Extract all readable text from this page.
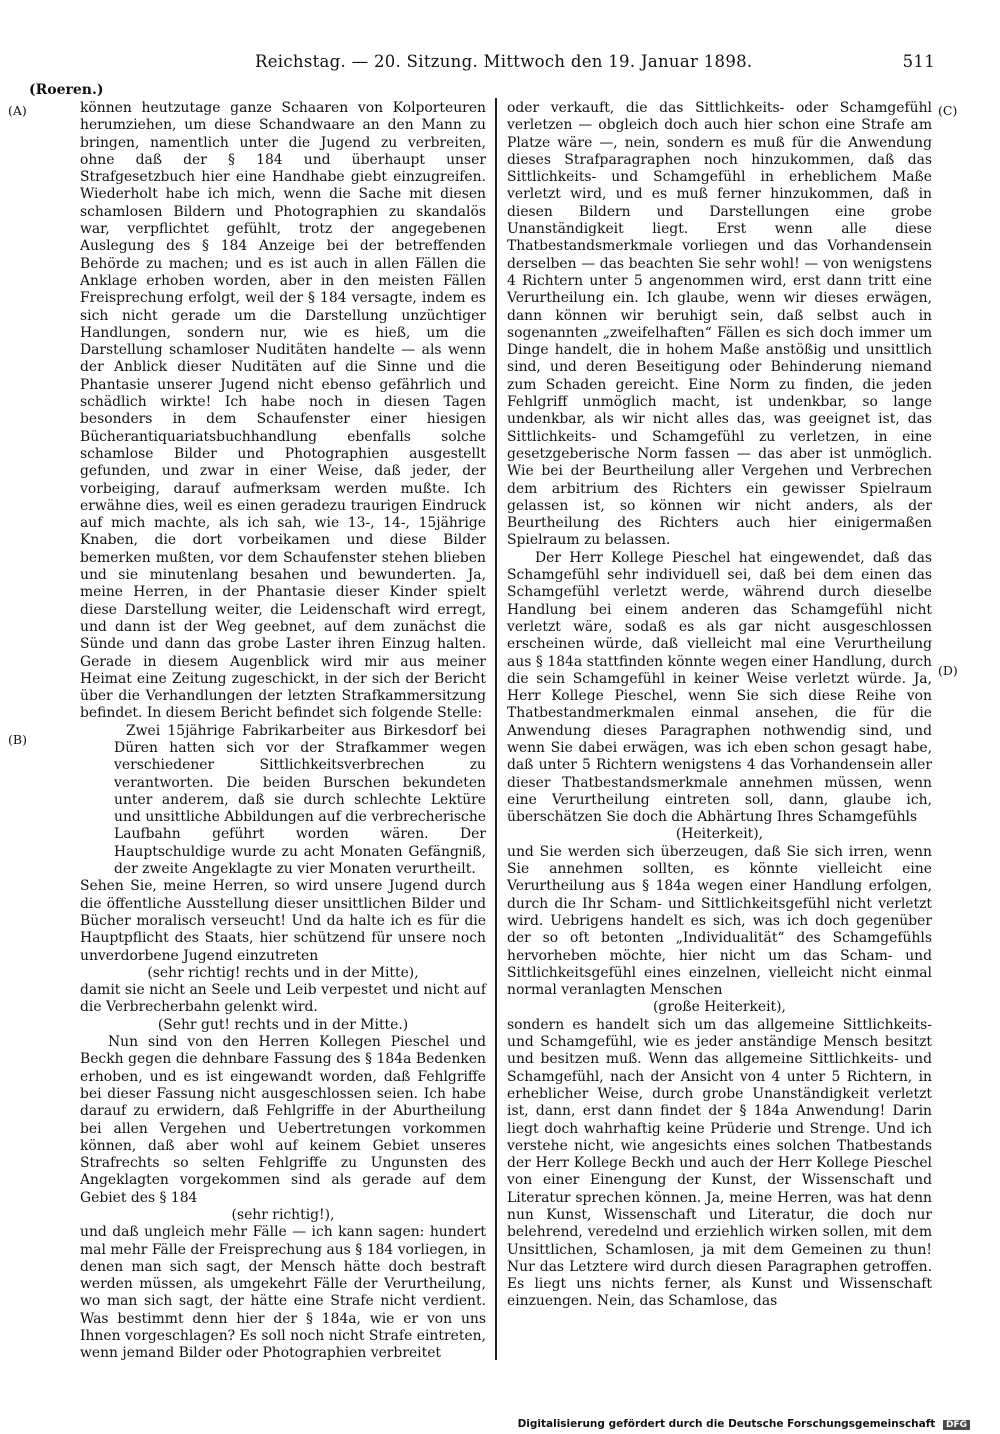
Reichstag. — 20. Sitzung. Mittwoch den 19. Januar 1898.	511
(Roeren.)
(A)
(B)
(C)
(D)

können heutzutage ganze Schaaren von Kolporteuren herumziehen, um diese Schandwaare an den Mann zu bringen, namentlich unter die Jugend zu verbreiten, ohne daß der § 184 und überhaupt unser Strafgesetzbuch hier eine Handhabe giebt einzugreifen. Wiederholt habe ich mich, wenn die Sache mit diesen schamlosen Bildern und Photographien zu skandalös war, verpflichtet gefühlt, trotz der angegebenen Auslegung des § 184 Anzeige bei der betreffenden Behörde zu machen; und es ist auch in allen Fällen die Anklage erhoben worden, aber in den meisten Fällen Freisprechung erfolgt, weil der § 184 versagte, indem es sich nicht gerade um die Darstellung unzüchtiger Handlungen, sondern nur, wie es hieß, um die Darstellung schamloser Nuditäten handelte — als wenn der Anblick dieser Nuditäten auf die Sinne und die Phantasie unserer Jugend nicht ebenso gefährlich und schädlich wirkte! Ich habe noch in diesen Tagen besonders in dem Schaufenster einer hiesigen Bücherantiquariatsbuchhandlung ebenfalls solche schamlose Bilder und Photographien ausgestellt gefunden, und zwar in einer Weise, daß jeder, der vorbeiging, darauf aufmerksam werden mußte. Ich erwähne dies, weil es einen geradezu traurigen Eindruck auf mich machte, als ich sah, wie 13-, 14-, 15jährige Knaben, die dort vorbeikamen und diese Bilder bemerken mußten, vor dem Schaufenster stehen blieben und sie minutenlang besahen und bewunderten. Ja, meine Herren, in der Phantasie dieser Kinder spielt diese Darstellung weiter, die Leidenschaft wird erregt, und dann ist der Weg geebnet, auf dem zunächst die Sünde und dann das grobe Laster ihren Einzug halten. Gerade in diesem Augenblick wird mir aus meiner Heimat eine Zeitung zugeschickt, in der sich der Bericht über die Verhandlungen der letzten Strafkammersitzung befindet. In diesem Bericht befindet sich folgende Stelle:

Zwei 15jährige Fabrikarbeiter aus Birkesdorf bei Düren hatten sich vor der Strafkammer wegen verschiedener Sittlichkeitsverbrechen zu verantworten. Die beiden Burschen bekundeten unter anderem, daß sie durch schlechte Lektüre und unsittliche Abbildungen auf die verbrecherische Laufbahn geführt worden wären. Der Hauptschuldige wurde zu acht Monaten Gefängniß, der zweite Angeklagte zu vier Monaten verurtheilt.

Sehen Sie, meine Herren, so wird unsere Jugend durch die öffentliche Ausstellung dieser unsittlichen Bilder und Bücher moralisch verseucht! Und da halte ich es für die Hauptpflicht des Staats, hier schützend für unsere noch unverdorbene Jugend einzutreten

(sehr richtig! rechts und in der Mitte),

damit sie nicht an Seele und Leib verpestet und nicht auf die Verbrecherbahn gelenkt wird.

(Sehr gut! rechts und in der Mitte.)

Nun sind von den Herren Kollegen Pieschel und Beckh gegen die dehnbare Fassung des § 184a Bedenken erhoben, und es ist eingewandt worden, daß Fehlgriffe bei dieser Fassung nicht ausgeschlossen seien. Ich habe darauf zu erwidern, daß Fehlgriffe in der Aburtheilung bei allen Vergehen und Uebertretungen vorkommen können, daß aber wohl auf keinem Gebiet unseres Strafrechts so selten Fehlgriffe zu Ungunsten des Angeklagten vorgekommen sind als gerade auf dem Gebiet des § 184

(sehr richtig!),

und daß ungleich mehr Fälle — ich kann sagen: hundert mal mehr Fälle der Freisprechung aus § 184 vorliegen, in denen man sich sagt, der Mensch hätte doch bestraft werden müssen, als umgekehrt Fälle der Verurtheilung, wo man sich sagt, der hätte eine Strafe nicht verdient. Was bestimmt denn hier der § 184a, wie er von uns Ihnen vorgeschlagen? Es soll noch nicht Strafe eintreten, wenn jemand Bilder oder Photographien verbreitet

oder verkauft, die das Sittlichkeits- oder Schamgefühl verletzen — obgleich doch auch hier schon eine Strafe am Platze wäre —, nein, sondern es muß für die Anwendung dieses Strafparagraphen noch hinzukommen, daß das Sittlichkeits- und Schamgefühl in erheblichem Maße verletzt wird, und es muß ferner hinzukommen, daß in diesen Bildern und Darstellungen eine grobe Unanständigkeit liegt. Erst wenn alle diese Thatbestandsmerkmale vorliegen und das Vorhandensein derselben — das beachten Sie sehr wohl! — von wenigstens 4 Richtern unter 5 angenommen wird, erst dann tritt eine Verurtheilung ein. Ich glaube, wenn wir dieses erwägen, dann können wir beruhigt sein, daß selbst auch in sogenannten „zweifelhaften“ Fällen es sich doch immer um Dinge handelt, die in hohem Maße anstößig und unsittlich sind, und deren Beseitigung oder Behinderung niemand zum Schaden gereicht. Eine Norm zu finden, die jeden Fehlgriff unmöglich macht, ist undenkbar, so lange undenkbar, als wir nicht alles das, was geeignet ist, das Sittlichkeits- und Schamgefühl zu verletzen, in eine gesetzgeberische Norm fassen — das aber ist unmöglich. Wie bei der Beurtheilung aller Vergehen und Verbrechen dem arbitrium des Richters ein gewisser Spielraum gelassen ist, so können wir nicht anders, als der Beurtheilung des Richters auch hier einigermaßen Spielraum zu belassen.

Der Herr Kollege Pieschel hat eingewendet, daß das Schamgefühl sehr individuell sei, daß bei dem einen das Schamgefühl verletzt werde, während durch dieselbe Handlung bei einem anderen das Schamgefühl nicht verletzt wäre, sodaß es als gar nicht ausgeschlossen erscheinen würde, daß vielleicht mal eine Verurtheilung aus § 184a stattfinden könnte wegen einer Handlung, durch die sein Schamgefühl in keiner Weise verletzt würde. Ja, Herr Kollege Pieschel, wenn Sie sich diese Reihe von Thatbestandmerkmalen einmal ansehen, die für die Anwendung dieses Paragraphen nothwendig sind, und wenn Sie dabei erwägen, was ich eben schon gesagt habe, daß unter 5 Richtern wenigstens 4 das Vorhandensein aller dieser Thatbestandsmerkmale annehmen müssen, wenn eine Verurtheilung eintreten soll, dann, glaube ich, überschätzen Sie doch die Abhärtung Ihres Schamgefühls

(Heiterkeit),

und Sie werden sich überzeugen, daß Sie sich irren, wenn Sie annehmen sollten, es könnte vielleicht eine Verurtheilung aus § 184a wegen einer Handlung erfolgen, durch die Ihr Scham- und Sittlichkeitsgefühl nicht verletzt wird. Uebrigens handelt es sich, was ich doch gegenüber der so oft betonten „Individualität“ des Schamgefühls hervorheben möchte, hier nicht um das Scham- und Sittlichkeitsgefühl eines einzelnen, vielleicht nicht einmal normal veranlagten Menschen

(große Heiterkeit),

sondern es handelt sich um das allgemeine Sittlichkeits- und Schamgefühl, wie es jeder anständige Mensch besitzt und besitzen muß. Wenn das allgemeine Sittlichkeits- und Schamgefühl, nach der Ansicht von 4 unter 5 Richtern, in erheblicher Weise, durch grobe Unanständigkeit verletzt ist, dann, erst dann findet der § 184a Anwendung! Darin liegt doch wahrhaftig keine Prüderie und Strenge. Und ich verstehe nicht, wie angesichts eines solchen Thatbestands der Herr Kollege Beckh und auch der Herr Kollege Pieschel von einer Einengung der Kunst, der Wissenschaft und Literatur sprechen können. Ja, meine Herren, was hat denn nun Kunst, Wissenschaft und Literatur, die doch nur belehrend, veredelnd und erziehlich wirken sollen, mit dem Unsittlichen, Schamlosen, ja mit dem Gemeinen zu thun! Nur das Letztere wird durch diesen Paragraphen getroffen. Es liegt uns nichts ferner, als Kunst und Wissenschaft einzuengen. Nein, das Schamlose, das

Digitalisierung gefördert durch die Deutsche Forschungsgemeinschaft DFG
